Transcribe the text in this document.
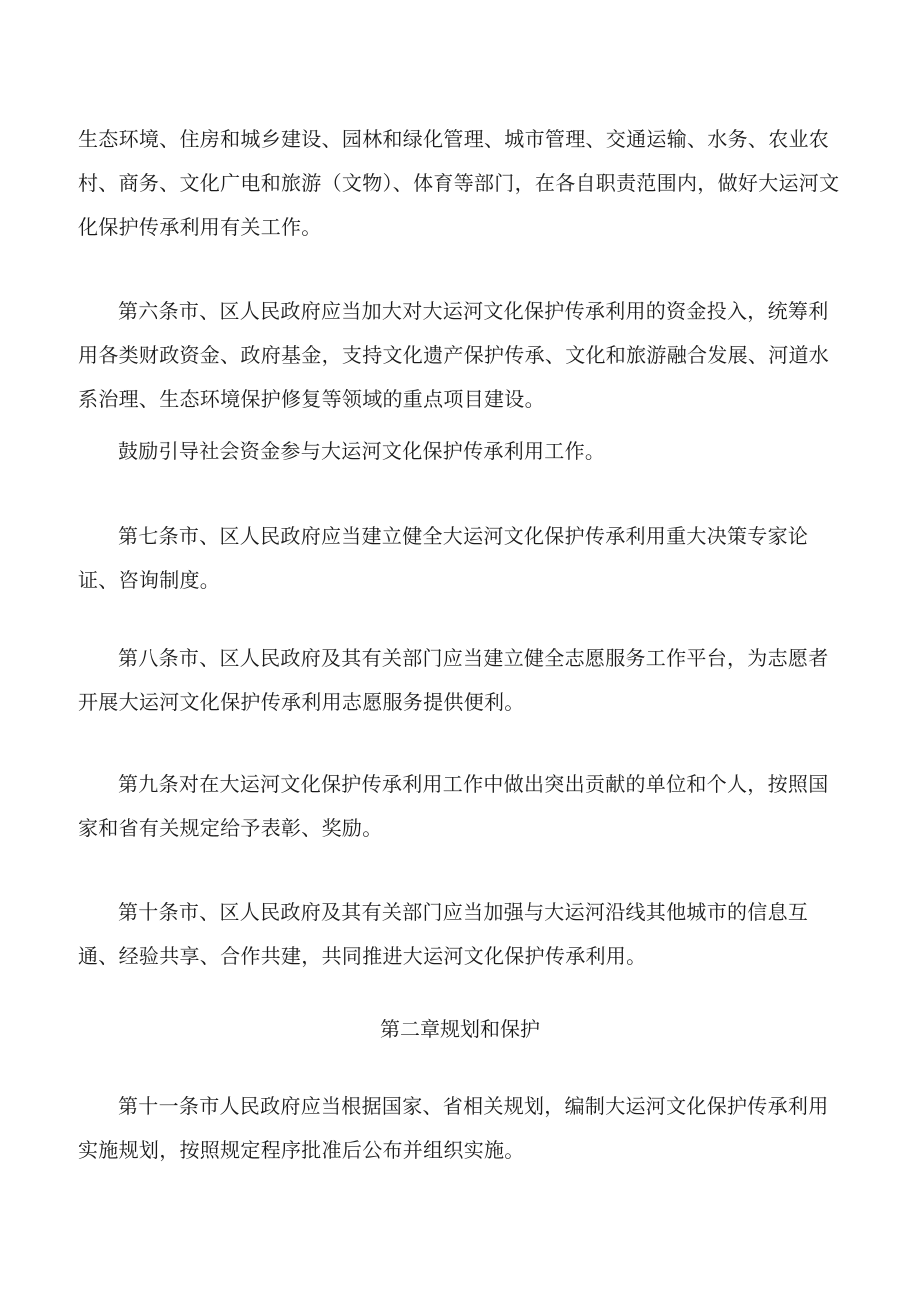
生态环境、住房和城乡建设、园林和绿化管理、城市管理、交通运输、水务、农业农村、商务、文化广电和旅游（文物）、体育等部门，在各自职责范围内，做好大运河文化保护传承利用有关工作。

第六条市、区人民政府应当加大对大运河文化保护传承利用的资金投入，统筹利用各类财政资金、政府基金，支持文化遗产保护传承、文化和旅游融合发展、河道水系治理、生态环境保护修复等领域的重点项目建设。

鼓励引导社会资金参与大运河文化保护传承利用工作。

第七条市、区人民政府应当建立健全大运河文化保护传承利用重大决策专家论证、咨询制度。

第八条市、区人民政府及其有关部门应当建立健全志愿服务工作平台，为志愿者开展大运河文化保护传承利用志愿服务提供便利。

第九条对在大运河文化保护传承利用工作中做出突出贡献的单位和个人，按照国家和省有关规定给予表彰、奖励。

第十条市、区人民政府及其有关部门应当加强与大运河沿线其他城市的信息互通、经验共享、合作共建，共同推进大运河文化保护传承利用。

第二章规划和保护

第十一条市人民政府应当根据国家、省相关规划，编制大运河文化保护传承利用实施规划，按照规定程序批准后公布并组织实施。
